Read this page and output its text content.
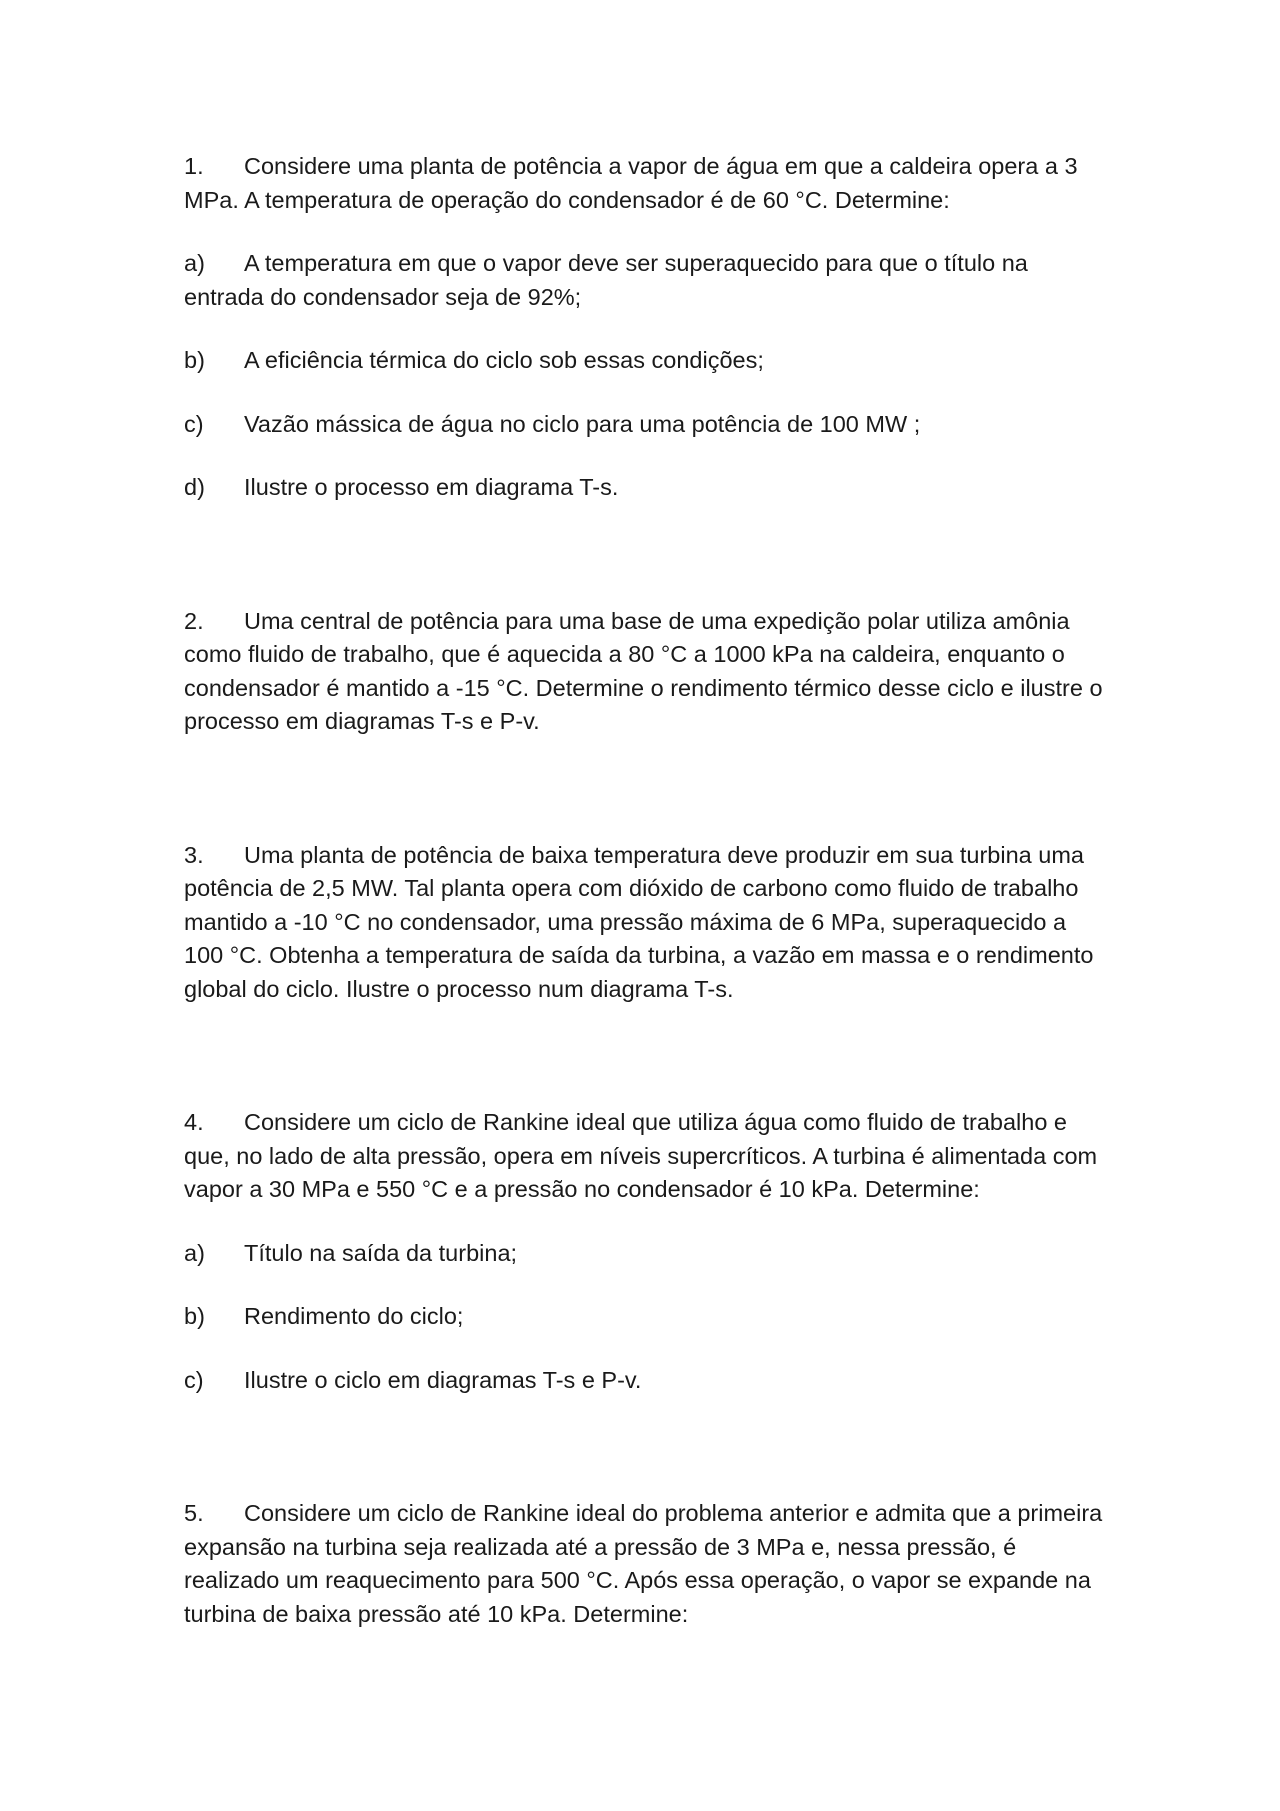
1. Considere uma planta de potência a vapor de água em que a caldeira opera a 3 MPa. A temperatura de operação do condensador é de 60 °C. Determine:

a) A temperatura em que o vapor deve ser superaquecido para que o título na entrada do condensador seja de 92%;

b) A eficiência térmica do ciclo sob essas condições;

c) Vazão mássica de água no ciclo para uma potência de 100 MW ;

d) Ilustre o processo em diagrama T-s.

2. Uma central de potência para uma base de uma expedição polar utiliza amônia como fluido de trabalho, que é aquecida a 80 °C a 1000 kPa na caldeira, enquanto o condensador é mantido a -15 °C. Determine o rendimento térmico desse ciclo e ilustre o processo em diagramas T-s e P-v.

3. Uma planta de potência de baixa temperatura deve produzir em sua turbina uma potência de 2,5 MW. Tal planta opera com dióxido de carbono como fluido de trabalho mantido a -10 °C no condensador, uma pressão máxima de 6 MPa, superaquecido a 100 °C. Obtenha a temperatura de saída da turbina, a vazão em massa e o rendimento global do ciclo. Ilustre o processo num diagrama T-s.

4. Considere um ciclo de Rankine ideal que utiliza água como fluido de trabalho e que, no lado de alta pressão, opera em níveis supercríticos. A turbina é alimentada com vapor a 30 MPa e 550 °C e a pressão no condensador é 10 kPa. Determine:

a) Título na saída da turbina;

b) Rendimento do ciclo;

c) Ilustre o ciclo em diagramas T-s e P-v.

5. Considere um ciclo de Rankine ideal do problema anterior e admita que a primeira expansão na turbina seja realizada até a pressão de 3 MPa e, nessa pressão, é realizado um reaquecimento para 500 °C. Após essa operação, o vapor se expande na turbina de baixa pressão até 10 kPa. Determine:
